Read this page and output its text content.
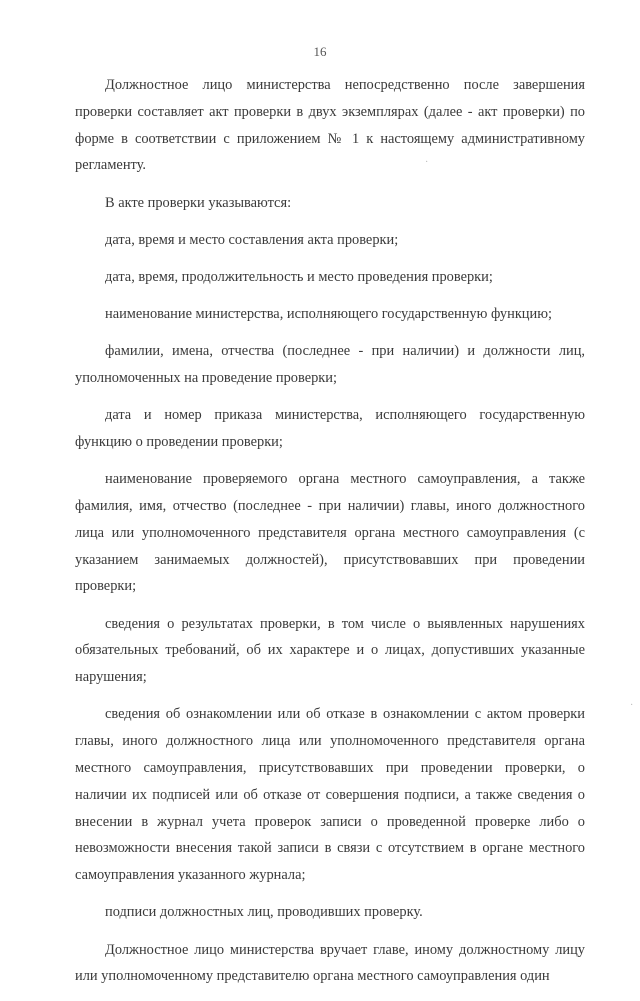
16

Должностное лицо министерства непосредственно после завершения проверки составляет акт проверки в двух экземплярах (далее - акт проверки) по форме в соответствии с приложением № 1 к настоящему административному регламенту.

В акте проверки указываются:

дата, время и место составления акта проверки;

дата, время, продолжительность и место проведения проверки;

наименование министерства, исполняющего государственную функцию;

фамилии, имена, отчества (последнее - при наличии) и должности лиц, уполномоченных на проведение проверки;

дата и номер приказа министерства, исполняющего государственную функцию о проведении проверки;

наименование проверяемого органа местного самоуправления, а также фамилия, имя, отчество (последнее - при наличии) главы, иного должностного лица или уполномоченного представителя органа местного самоуправления (с указанием занимаемых должностей), присутствовавших при проведении проверки;

сведения о результатах проверки, в том числе о выявленных нарушениях обязательных требований, об их характере и о лицах, допустивших указанные нарушения;

сведения об ознакомлении или об отказе в ознакомлении с актом проверки главы, иного должностного лица или уполномоченного представителя органа местного самоуправления, присутствовавших при проведении проверки, о наличии их подписей или об отказе от совершения подписи, а также сведения о внесении в журнал учета проверок записи о проведенной проверке либо о невозможности внесения такой записи в связи с отсутствием в органе местного самоуправления указанного журнала;

подписи должностных лиц, проводивших проверку.

Должностное лицо министерства вручает главе, иному должностному лицу или уполномоченному представителю органа местного самоуправления один

·
·
